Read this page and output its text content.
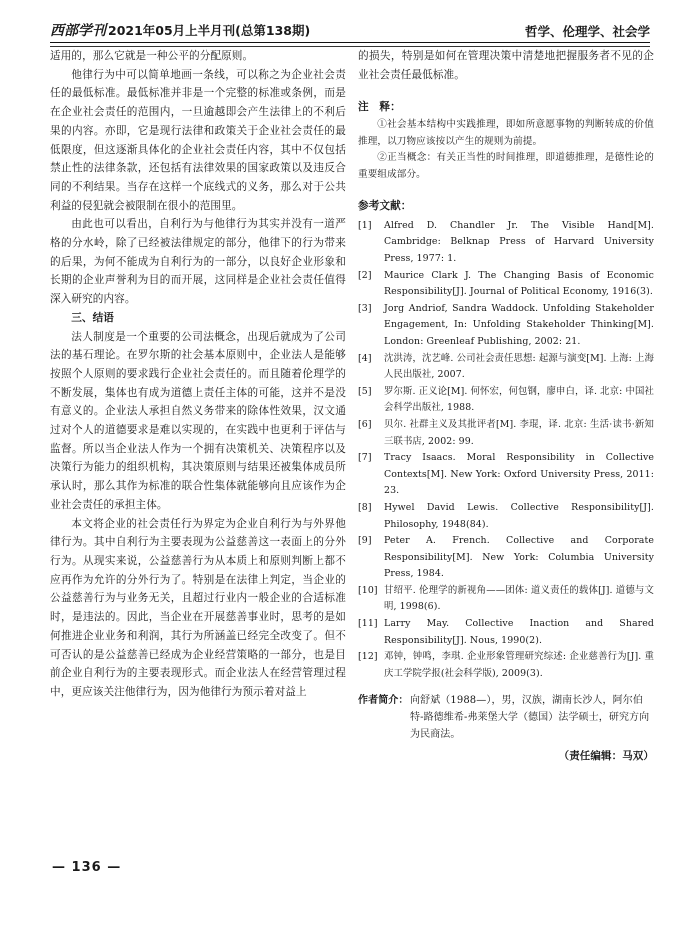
西部学刊 2021年05月上半月刊(总第138期)	哲学、伦理学、社会学

适用的，那么它就是一种公平的分配原则。

他律行为中可以简单地画一条线，可以称之为企业社会责任的最低标准。最低标准并非是一个完整的标准或条例，而是在企业社会责任的范围内，一旦逾越即会产生法律上的不利后果的内容。亦即，它是现行法律和政策关于企业社会责任的最低限度，但这逐渐具体化的企业社会责任内容，其中不仅包括禁止性的法律条款，还包括有法律效果的国家政策以及违反合同的不利结果。当存在这样一个底线式的义务，那么对于公共利益的侵犯就会被限制在很小的范围里。

由此也可以看出，自利行为与他律行为其实并没有一道严格的分水岭，除了已经被法律规定的部分，他律下的行为带来的后果，为何不能成为自利行为的一部分，以良好企业形象和长期的企业声誉利为目的而开展，这同样是企业社会责任值得深入研究的内容。

三、结语

法人制度是一个重要的公司法概念，出现后就成为了公司法的基石理论。在罗尔斯的社会基本原则中，企业法人是能够按照个人原则的要求践行企业社会责任的。而且随着伦理学的不断发展，集体也有成为道德上责任主体的可能，这并不是没有意义的。企业法人承担自然义务带来的除体性效果，汉文通过对个人的道德要求是难以实现的，在实践中也更利于评估与监督。所以当企业法人作为一个拥有决策机关、决策程序以及决策行为能力的组织机构，其决策原则与结果还被集体成员所承认时，那么其作为标准的联合性集体就能够向且应该作为企业社会责任的承担主体。

本文将企业的社会责任行为界定为企业自利行为与外界他律行为。其中自利行为主要表现为公益慈善这一表面上的分外行为。从现实来说，公益慈善行为从本质上和原则判断上都不应再作为允许的分外行为了。特别是在法律上判定，当企业的公益慈善行为与业务无关，且超过行业内一般企业的合适标准时，是违法的。因此，当企业在开展慈善事业时，思考的是如何推进企业业务和利润，其行为所涵盖已经完全改变了。但不可否认的是公益慈善已经成为企业经营策略的一部分，也是目前企业自利行为的主要表现形式。而企业法人在经营管理过程中，更应该关注他律行为，因为他律行为预示着对益上

的损失，特别是如何在管理决策中清楚地把握服务者不见的企业社会责任最低标准。

注　释：

①社会基本结构中实践推理，即如所意愿事物的判断转成的价值推理，以刀物应该按以产生的规则为前提。

②正当概念：有关正当性的时间推理，即道德推理，是德性论的重要组成部分。

参考文献：
[1]	Alfred D. Chandler Jr. The Visible Hand[M]. Cambridge: Belknap Press of Harvard University Press, 1977: 1.
[2]	Maurice Clark J. The Changing Basis of Economic Responsibility[J]. Journal of Political Economy, 1916(3).
[3]	Jorg Andriof, Sandra Waddock. Unfolding Stakeholder Engagement, In: Unfolding Stakeholder Thinking[M]. London: Greenleaf Publishing, 2002: 21.
[4]	沈洪涛，沈艺峰. 公司社会责任思想: 起源与演变[M]. 上海: 上海人民出版社, 2007.
[5]	罗尔斯. 正义论[M]. 何怀宏，何包钢，廖申白，译. 北京: 中国社会科学出版社, 1988.
[6]	贝尔. 社群主义及其批评者[M]. 李琨，译. 北京: 生活·读书·新知三联书店, 2002: 99.
[7]	Tracy Isaacs. Moral Responsibility in Collective Contexts[M]. New York: Oxford University Press, 2011: 23.
[8]	Hywel David Lewis. Collective Responsibility[J]. Philosophy, 1948(84).
[9]	Peter A. French. Collective and Corporate Responsibility[M]. New York: Columbia University Press, 1984.
[10] 甘绍平. 伦理学的新视角——团体: 道义责任的载体[J]. 道德与文明, 1998(6).
[11] Larry May. Collective Inaction and Shared Responsibility[J]. Nous, 1990(2).
[12] 邓钟，钟鸣，李琪. 企业形象管理研究综述: 企业慈善行为[J]. 重庆工学院学报(社会科学版), 2009(3).
作者简介： 向舒斌（1988—），男，汉族，湖南长沙人，阿尔伯特-路德维希-弗莱堡大学（德国）法学硕士，研究方向为民商法。
（责任编辑：马双）
— 136 —
